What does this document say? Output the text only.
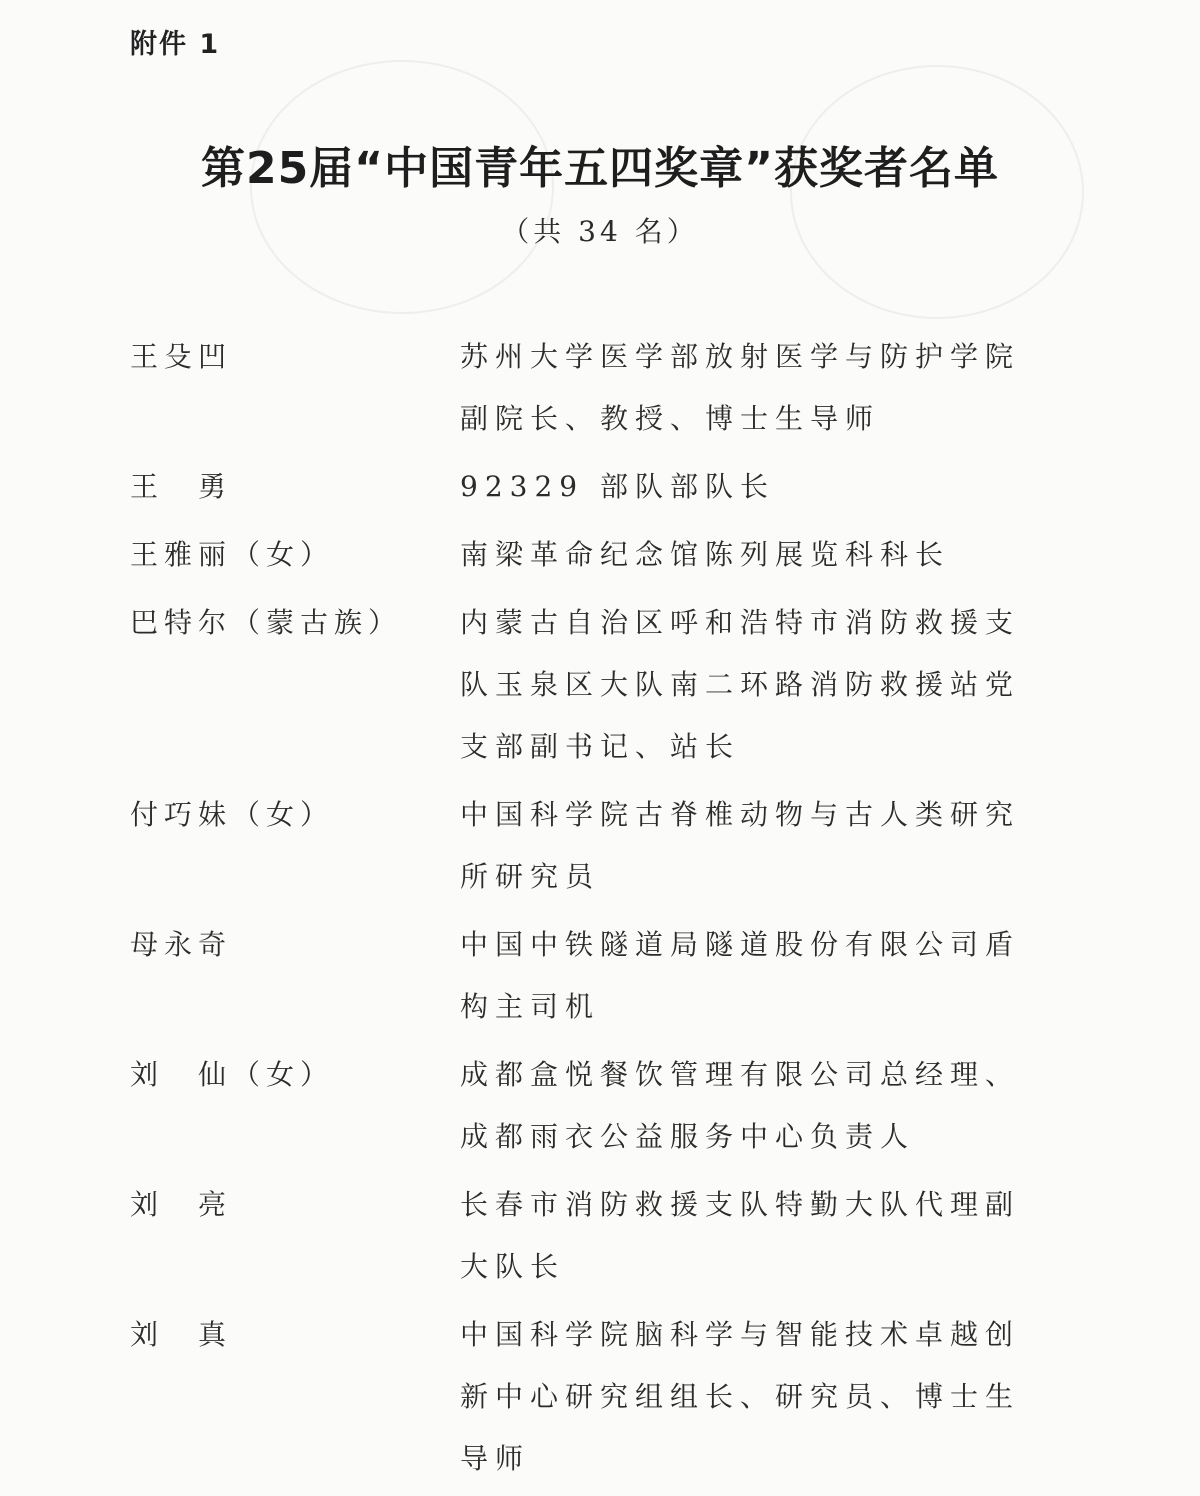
附件 1
第25届“中国青年五四奖章”获奖者名单
（共 34 名）
王殳凹	苏州大学医学部放射医学与防护学院副院长、教授、博士生导师
王　勇	92329 部队部队长
王雅丽（女）	南梁革命纪念馆陈列展览科科长
巴特尔（蒙古族）	内蒙古自治区呼和浩特市消防救援支队玉泉区大队南二环路消防救援站党支部副书记、站长
付巧妹（女）	中国科学院古脊椎动物与古人类研究所研究员
母永奇	中国中铁隧道局隧道股份有限公司盾构主司机
刘　仙（女）	成都盒悦餐饮管理有限公司总经理、成都雨衣公益服务中心负责人
刘　亮	长春市消防救援支队特勤大队代理副大队长
刘　真	中国科学院脑科学与智能技术卓越创新中心研究组组长、研究员、博士生导师
